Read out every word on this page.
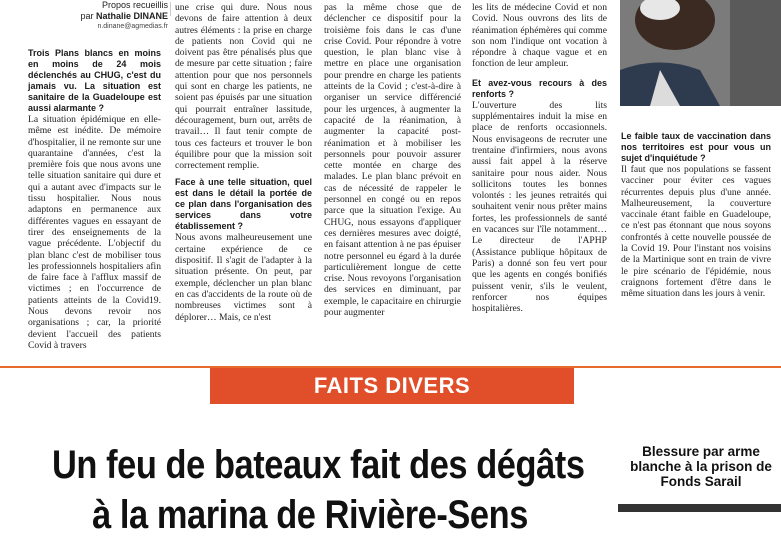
Propos recueillis
par Nathalie DINANE
n.dinane@agmedias.fr

Trois Plans blancs en moins en moins de 24 mois déclenchés au CHUG, c'est du jamais vu. La situation est sanitaire de la Guadeloupe est aussi alarmante ?

La situation épidémique en elle-même est inédite. De mémoire d'hospitalier, il ne remonte sur une quarantaine d'années, c'est la première fois que nous avons une telle situation sanitaire qui dure et qui a autant avec d'impacts sur le tissu hospitalier. Nous nous adaptons en permanence aux différentes vagues en essayant de tirer des enseignements de la vague précédente. L'objectif du plan blanc c'est de mobiliser tous les professionnels hospitaliers afin de faire face à l'afflux massif de victimes ; en l'occurrence de patients atteints de la Covid19. Nous devons revoir nos organisations ; car, la priorité devient l'accueil des patients Covid à travers

une crise qui dure. Nous nous devons de faire attention à deux autres éléments : la prise en charge de patients non Covid qui ne doivent pas être pénalisés plus que de mesure par cette situation ; faire attention pour que nos personnels qui sont en charge les patients, ne soient pas épuisés par une situation qui pourrait entraîner lassitude, découragement, burn out, arrêts de travail… Il faut tenir compte de tous ces facteurs et trouver le bon équilibre pour que la mission soit correctement remplie.

Face à une telle situation, quel est dans le détail la portée de ce plan dans l'organisation des services dans votre établissement ?

Nous avons malheureusement une certaine expérience de ce dispositif. Il s'agit de l'adapter à la situation présente. On peut, par exemple, déclencher un plan blanc en cas d'accidents de la route où de nombreuses victimes sont à déplorer… Mais, ce n'est

pas la même chose que de déclencher ce dispositif pour la troisième fois dans le cas d'une crise Covid. Pour répondre à votre question, le plan blanc vise à mettre en place une organisation pour prendre en charge les patients atteints de la Covid ; c'est-à-dire à organiser un service différencié pour les urgences, à augmenter la capacité de la réanimation, à augmenter la capacité post-réanimation et à mobiliser les personnels pour pouvoir assurer cette montée en charge des malades. Le plan blanc prévoit en cas de nécessité de rappeler le personnel en congé ou en repos parce que la situation l'exige. Au CHUG, nous essayons d'appliquer ces dernières mesures avec doigté, en faisant attention à ne pas épuiser notre personnel eu égard à la durée particulièrement longue de cette crise. Nous revoyons l'organisation des services en diminuant, par exemple, le capacitaire en chirurgie pour augmenter

les lits de médecine Covid et non Covid. Nous ouvrons des lits de réanimation éphémères qui comme son nom l'indique ont vocation à répondre à chaque vague et en fonction de leur ampleur.

Et avez-vous recours à des renforts ?

L'ouverture des lits supplémentaires induit la mise en place de renforts occasionnels. Nous envisageons de recruter une trentaine d'infirmiers, nous avons aussi fait appel à la réserve sanitaire pour nous aider. Nous sollicitons toutes les bonnes volontés : les jeunes retraités qui souhaitent venir nous prêter mains fortes, les professionnels de santé en vacances sur l'île notamment… Le directeur de l'APHP (Assistance publique hôpitaux de Paris) a donné son feu vert pour que les agents en congés bonifiés puissent venir, s'ils le veulent, renforcer nos équipes hospitalières.

Le faible taux de vaccination dans nos territoires est pour vous un sujet d'inquiétude ?

Il faut que nos populations se fassent vacciner pour éviter ces vagues récurrentes depuis plus d'une année. Malheureusement, la couverture vaccinale étant faible en Guadeloupe, ce n'est pas étonnant que nous soyons confrontés à cette nouvelle poussée de la Covid 19. Pour l'instant nos voisins de la Martinique sont en train de vivre le pire scénario de l'épidémie, nous craignons fortement d'être dans le même situation dans les jours à venir.

FAITS DIVERS
Un feu de bateaux fait des dégâts
à la marina de Rivière-Sens
Blessure par arme blanche à la prison de Fonds Sarail
